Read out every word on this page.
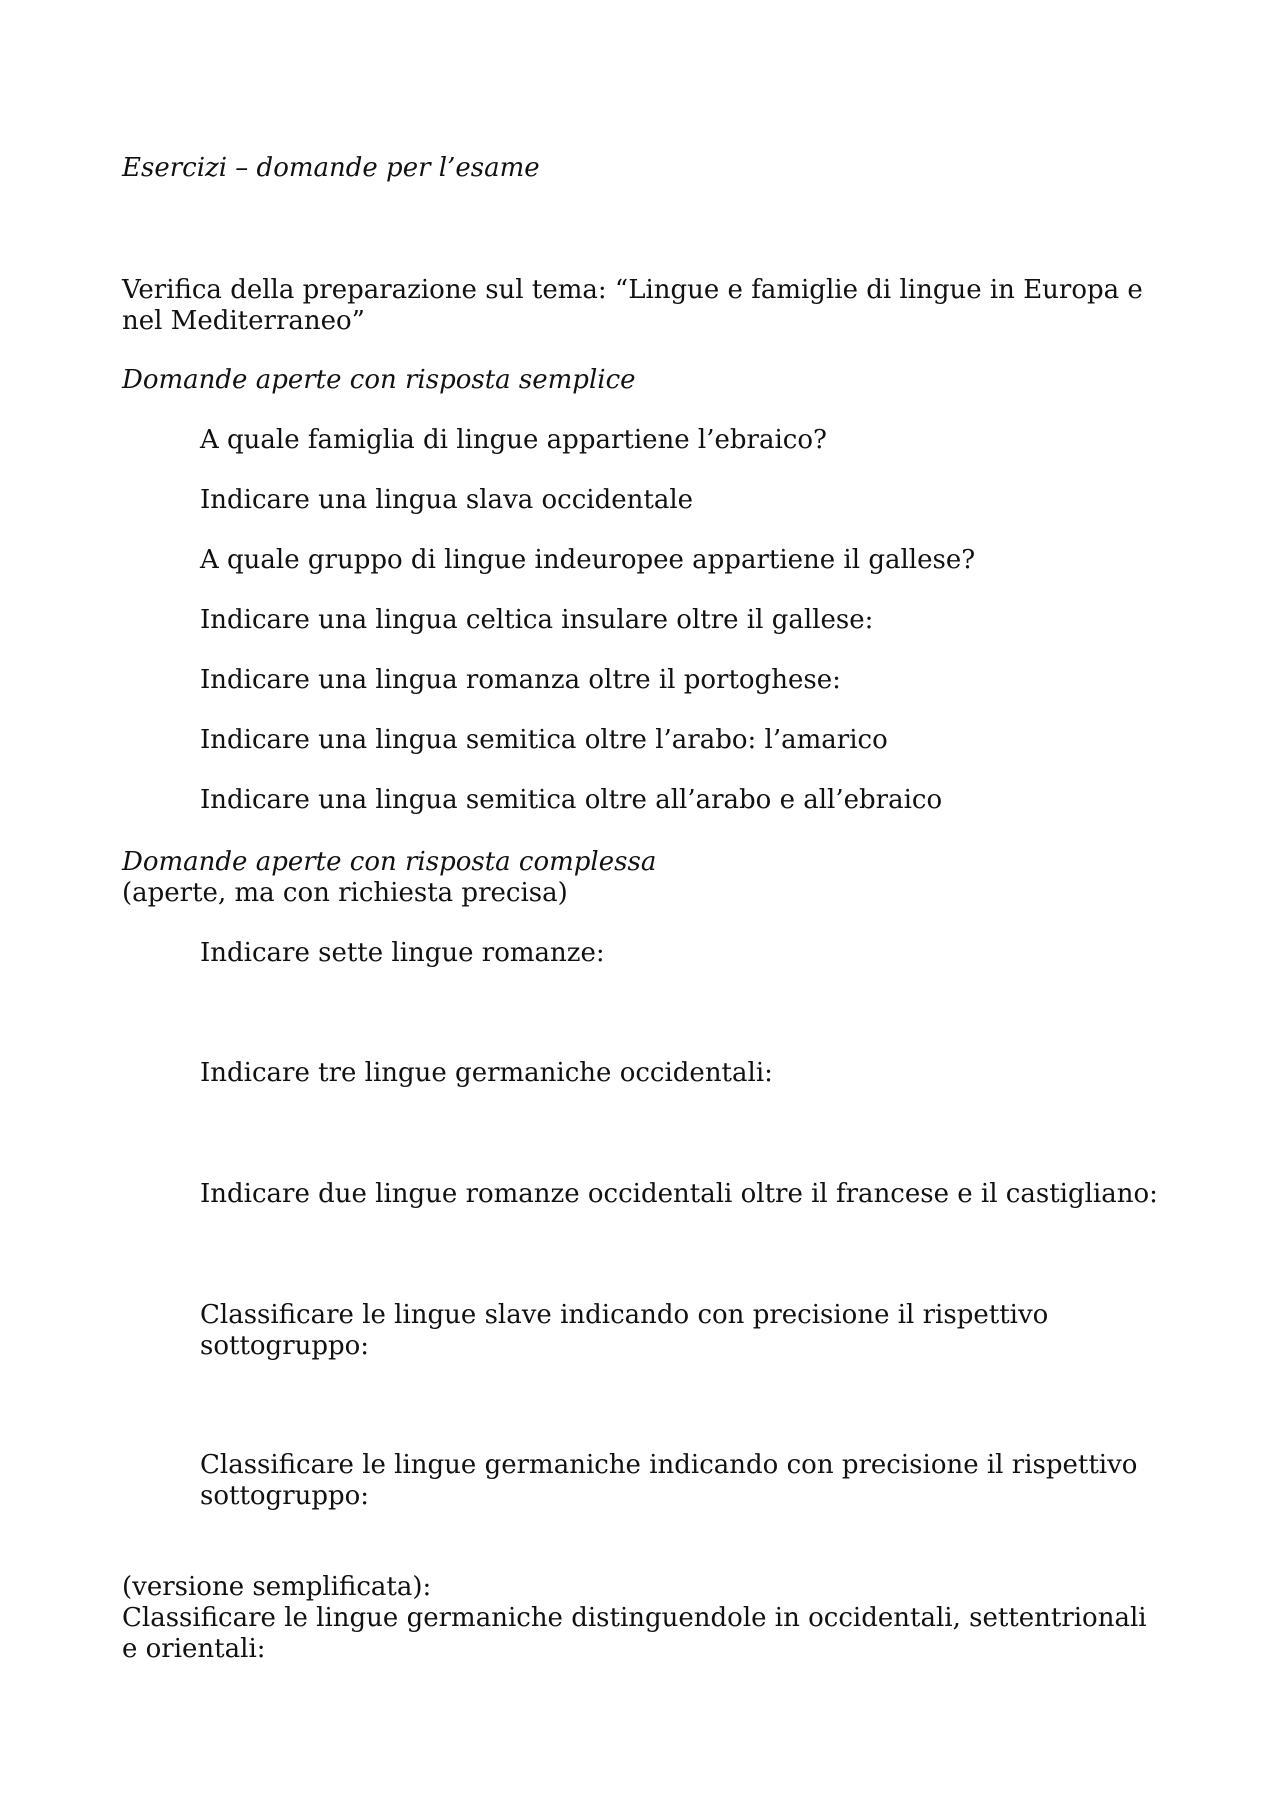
Esercizi – domande per l’esame
Verifica della preparazione sul tema: “Lingue e famiglie di lingue in Europa e
nel Mediterraneo”
Domande aperte con risposta semplice
A quale famiglia di lingue appartiene l’ebraico?
Indicare una lingua slava occidentale
A quale gruppo di lingue indeuropee appartiene il gallese?
Indicare una lingua celtica insulare oltre il gallese:
Indicare una lingua romanza oltre il portoghese:
Indicare una lingua semitica oltre l’arabo: l’amarico
Indicare una lingua semitica oltre all’arabo e all’ebraico
Domande aperte con risposta complessa
(aperte, ma con richiesta precisa)
Indicare sette lingue romanze:
Indicare tre lingue germaniche occidentali:
Indicare due lingue romanze occidentali oltre il francese e il castigliano:
Classificare le lingue slave indicando con precisione il rispettivo
sottogruppo:
Classificare le lingue germaniche indicando con precisione il rispettivo
sottogruppo:
(versione semplificata):
Classificare le lingue germaniche distinguendole in occidentali, settentrionali
e orientali:
